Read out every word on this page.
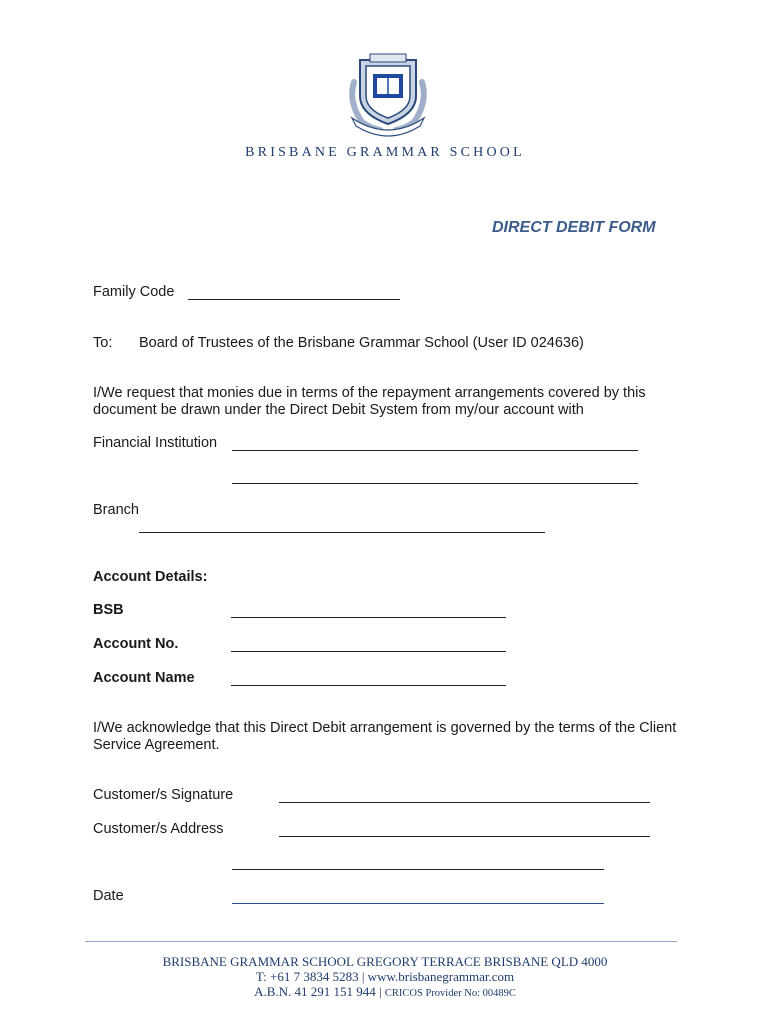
BRISBANE GRAMMAR SCHOOL
DIRECT DEBIT FORM
Family Code
To: Board of Trustees of the Brisbane Grammar School (User ID 024636)
I/We request that monies due in terms of the repayment arrangements covered by this document be drawn under the Direct Debit System from my/our account with
Financial Institution
Branch
Account Details:
BSB
Account No.
Account Name
I/We acknowledge that this Direct Debit arrangement is governed by the terms of the Client Service Agreement.
Customer/s Signature
Customer/s Address
Date
BRISBANE GRAMMAR SCHOOL GREGORY TERRACE BRISBANE QLD 4000
T: +61 7 3834 5283 | www.brisbanegrammar.com
A.B.N. 41 291 151 944 | CRICOS Provider No: 00489C
